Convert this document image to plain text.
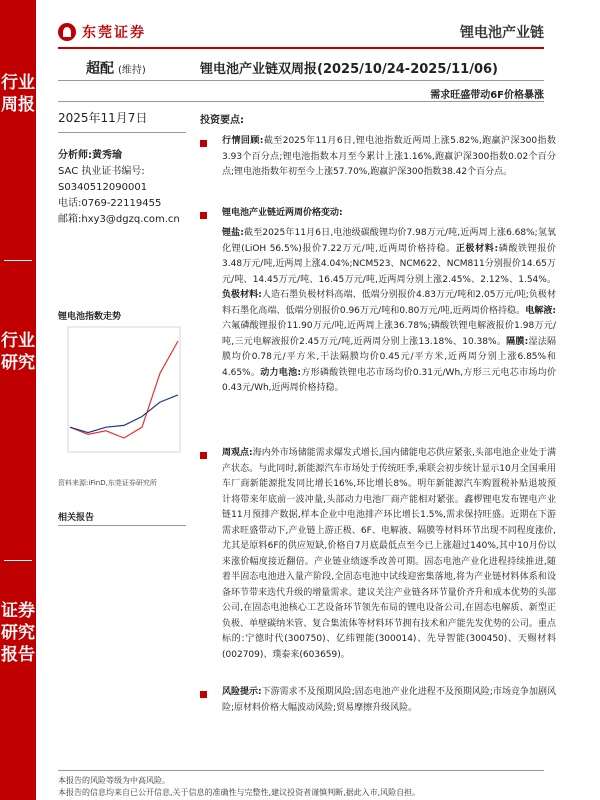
行业周报
行业研究
证券研究报告
东莞证券	锂电池产业链
超配 (维持)	锂电池产业链双周报(2025/10/24-2025/11/06)
需求旺盛带动6F价格暴涨
2025年11月7日
分析师:黄秀瑜
SAC 执业证书编号:
S0340512090001
电话:0769-22119455
邮箱:hxy3@dgzq.com.cn
锂电池指数走势
资料来源:iFinD,东莞证券研究所
相关报告
投资要点:

行情回顾:截至2025年11月6日,锂电池指数近两周上涨5.82%,跑赢沪深300指数3.93个百分点;锂电池指数本月至今累计上涨1.16%,跑赢沪深300指数0.02个百分点;锂电池指数年初至今上涨57.70%,跑赢沪深300指数38.42个百分点。

锂电池产业链近两周价格变动:

锂盐:截至2025年11月6日,电池级碳酸锂均价7.98万元/吨,近两周上涨6.68%;氢氧化锂(LiOH 56.5%)报价7.22万元/吨,近两周价格持稳。正极材料:磷酸铁锂报价3.48万元/吨,近两周上涨4.04%;NCM523、NCM622、NCM811分别报价14.65万元/吨、14.45万元/吨、16.45万元/吨,近两周分别上涨2.45%、2.12%、1.54%。负极材料:人造石墨负极材料高端、低端分别报价4.83万元/吨和2.05万元/吨;负极材料石墨化高端、低端分别报价0.96万元/吨和0.80万元/吨,近两周价格持稳。电解液:六氟磷酸锂报价11.90万元/吨,近两周上涨36.78%;磷酸铁锂电解液报价1.98万元/吨,三元电解液报价2.45万元/吨,近两周分别上涨13.18%、10.38%。隔膜:湿法隔膜均价0.78元/平方米,干法隔膜均价0.45元/平方米,近两周分别上涨6.85%和4.65%。动力电池:方形磷酸铁锂电芯市场均价0.31元/Wh,方形三元电芯市场均价0.43元/Wh,近两周价格持稳。

周观点:海内外市场储能需求爆发式增长,国内储能电芯供应紧张,头部电池企业处于满产状态。与此同时,新能源汽车市场处于传统旺季,乘联会初步统计显示10月全国乘用车厂商新能源批发同比增长16%,环比增长8%。明年新能源汽车购置税补贴退坡预计将带来年底前一波冲量,头部动力电池厂商产能相对紧张。鑫椤锂电发布锂电产业链11月预排产数据,样本企业中电池排产环比增长1.5%,需求保持旺盛。近期在下游需求旺盛带动下,产业链上游正极、6F、电解液、隔膜等材料环节出现不同程度涨价,尤其是原料6F的供应短缺,价格自7月底最低点至今已上涨超过140%,其中10月份以来涨价幅度接近翻倍。产业链业绩逐季改善可期。固态电池产业化进程持续推进,随着半固态电池进入量产阶段,全固态电池中试线迎密集落地,将为产业链材料体系和设备环节带来迭代升级的增量需求。建议关注产业链各环节量价齐升和成本优势的头部公司,在固态电池核心工艺设备环节领先布局的锂电设备公司,在固态电解质、新型正负极、单壁碳纳米管、复合集流体等材料环节拥有技术和产能先发优势的公司。重点标的:宁德时代(300750)、亿纬锂能(300014)、先导智能(300450)、天赐材料(002709)、璞泰来(603659)。

风险提示:下游需求不及预期风险;固态电池产业化进程不及预期风险;市场竞争加剧风险;原材料价格大幅波动风险;贸易摩擦升级风险。

本报告的风险等级为中高风险。
本报告的信息均来自已公开信息,关于信息的准确性与完整性,建议投资者谨慎判断,据此入市,风险自担。
